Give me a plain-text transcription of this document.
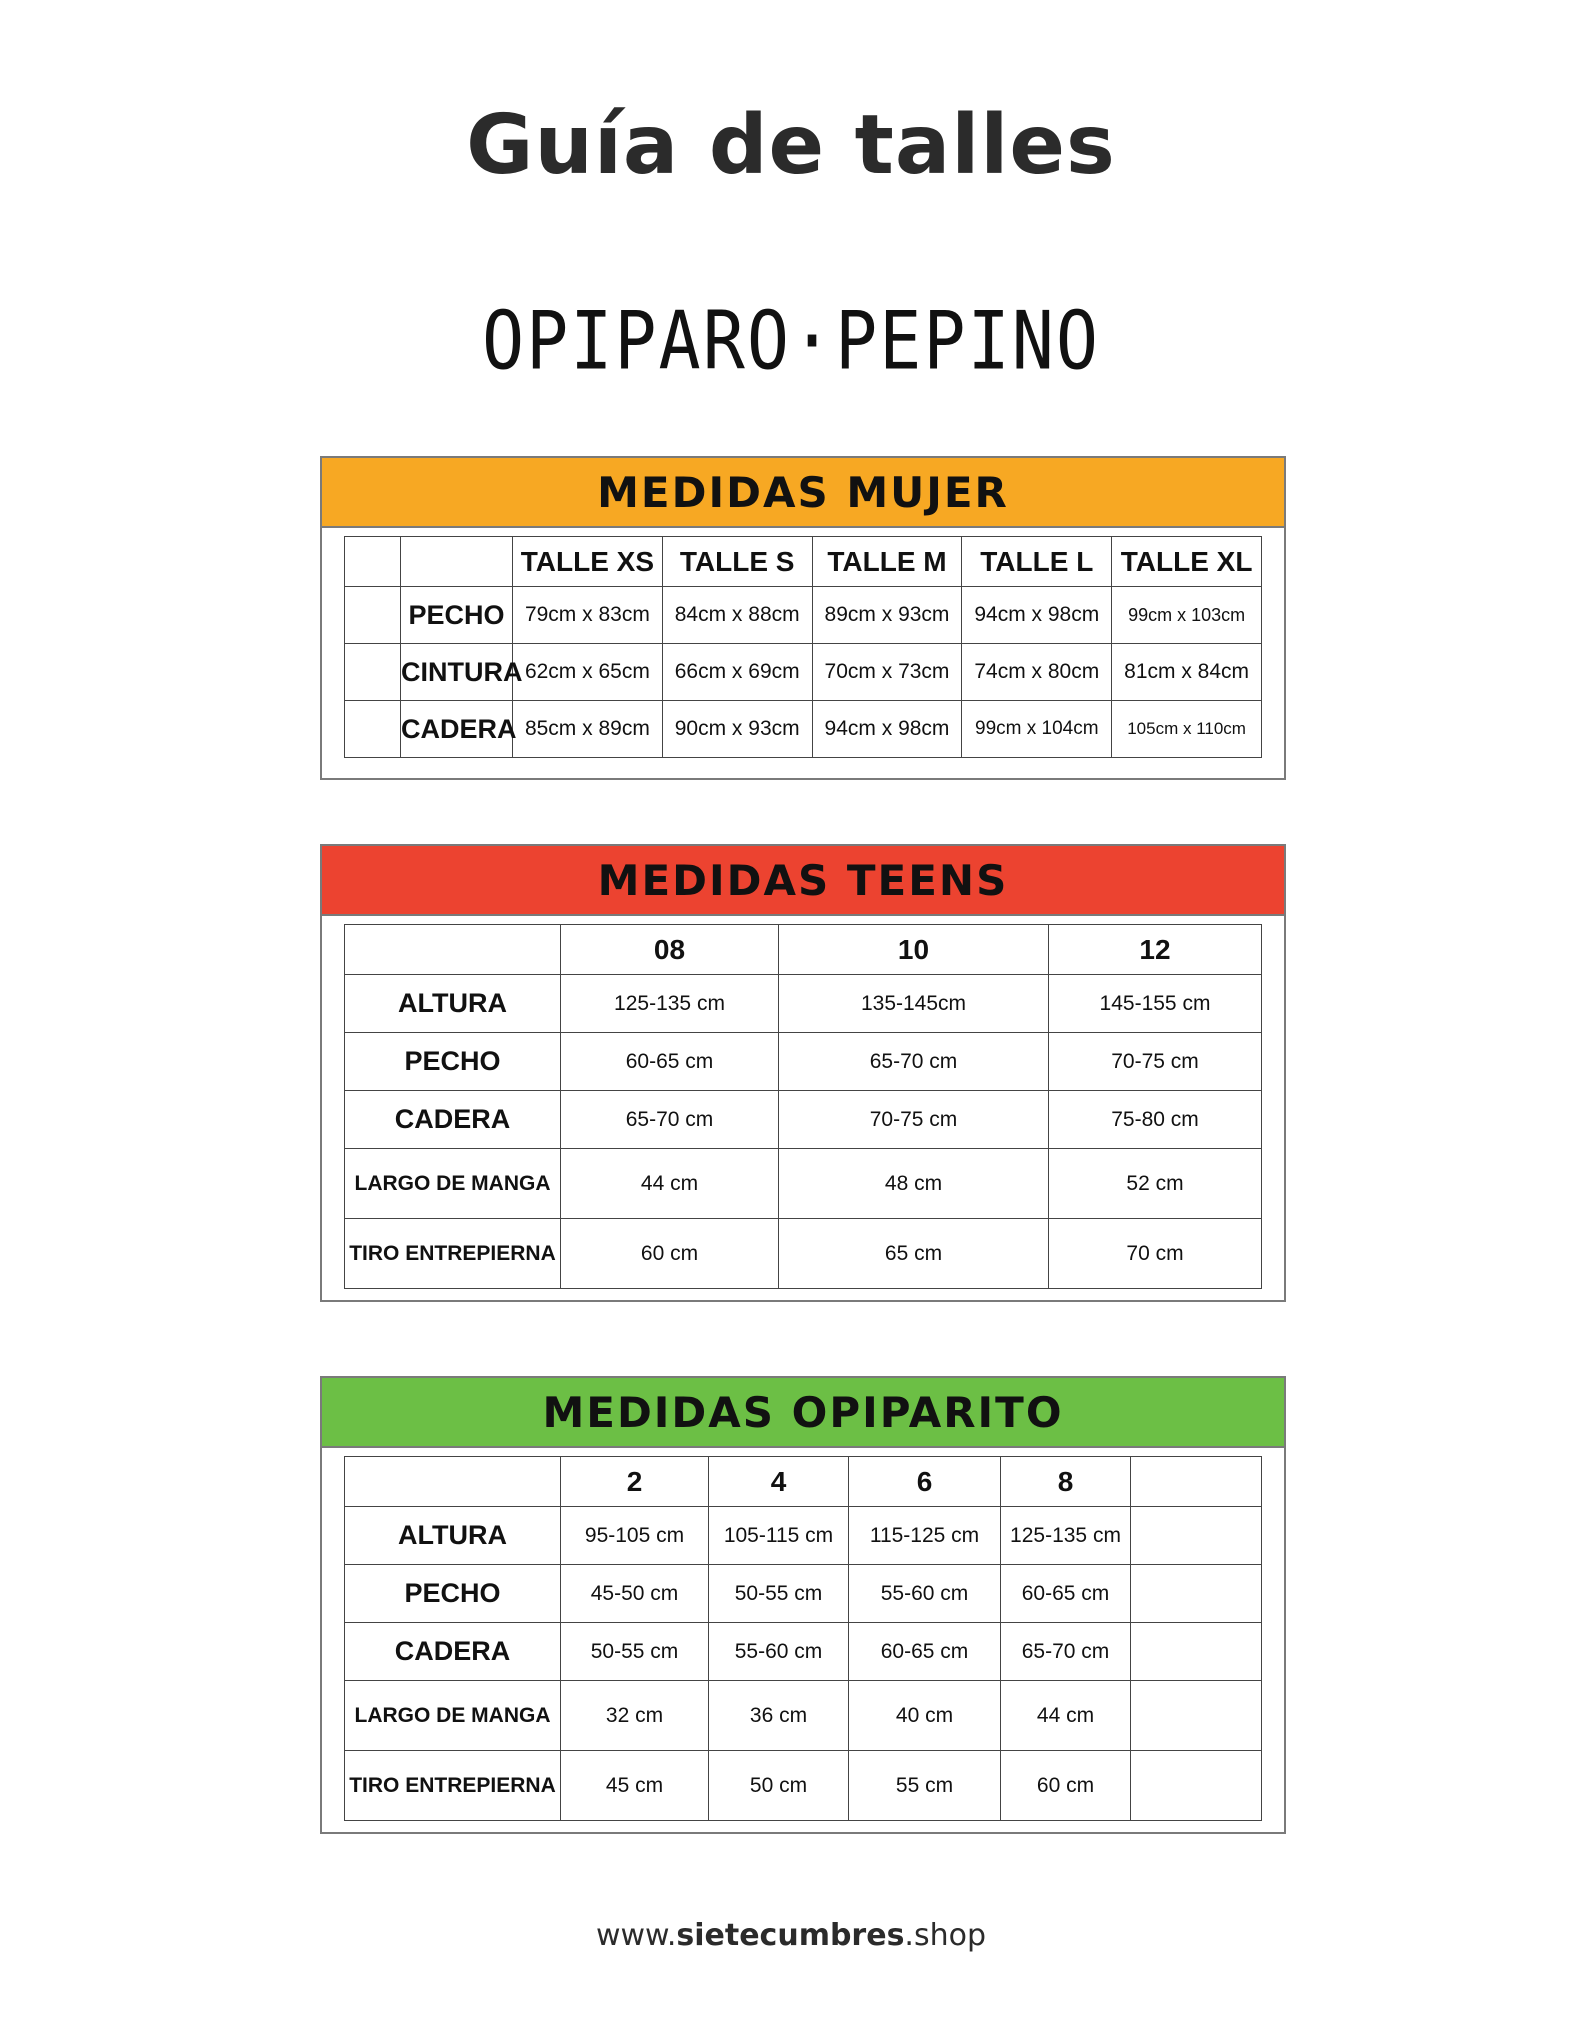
Guía de talles
OPIPARO·PEPINO
MEDIDAS MUJER
		TALLE XS	TALLE S	TALLE M	TALLE L	TALLE XL
	PECHO	79cm x 83cm	84cm x 88cm	89cm x 93cm	94cm x 98cm	99cm x 103cm
	CINTURA	62cm x 65cm	66cm x 69cm	70cm x 73cm	74cm x 80cm	81cm x 84cm
	CADERA	85cm x 89cm	90cm x 93cm	94cm x 98cm	99cm x 104cm	105cm x 110cm
MEDIDAS TEENS
	08	10	12
ALTURA	125-135 cm	135-145cm	145-155 cm
PECHO	60-65 cm	65-70 cm	70-75 cm
CADERA	65-70 cm	70-75 cm	75-80 cm
LARGO DE MANGA	44 cm	48 cm	52 cm
TIRO ENTREPIERNA	60 cm	65 cm	70 cm
MEDIDAS OPIPARITO
	2	4	6	8	
ALTURA	95-105 cm	105-115 cm	115-125 cm	125-135 cm	
PECHO	45-50 cm	50-55 cm	55-60 cm	60-65 cm	
CADERA	50-55 cm	55-60 cm	60-65 cm	65-70 cm	
LARGO DE MANGA	32 cm	36 cm	40 cm	44 cm	
TIRO ENTREPIERNA	45 cm	50 cm	55 cm	60 cm	
www.sietecumbres.shop
